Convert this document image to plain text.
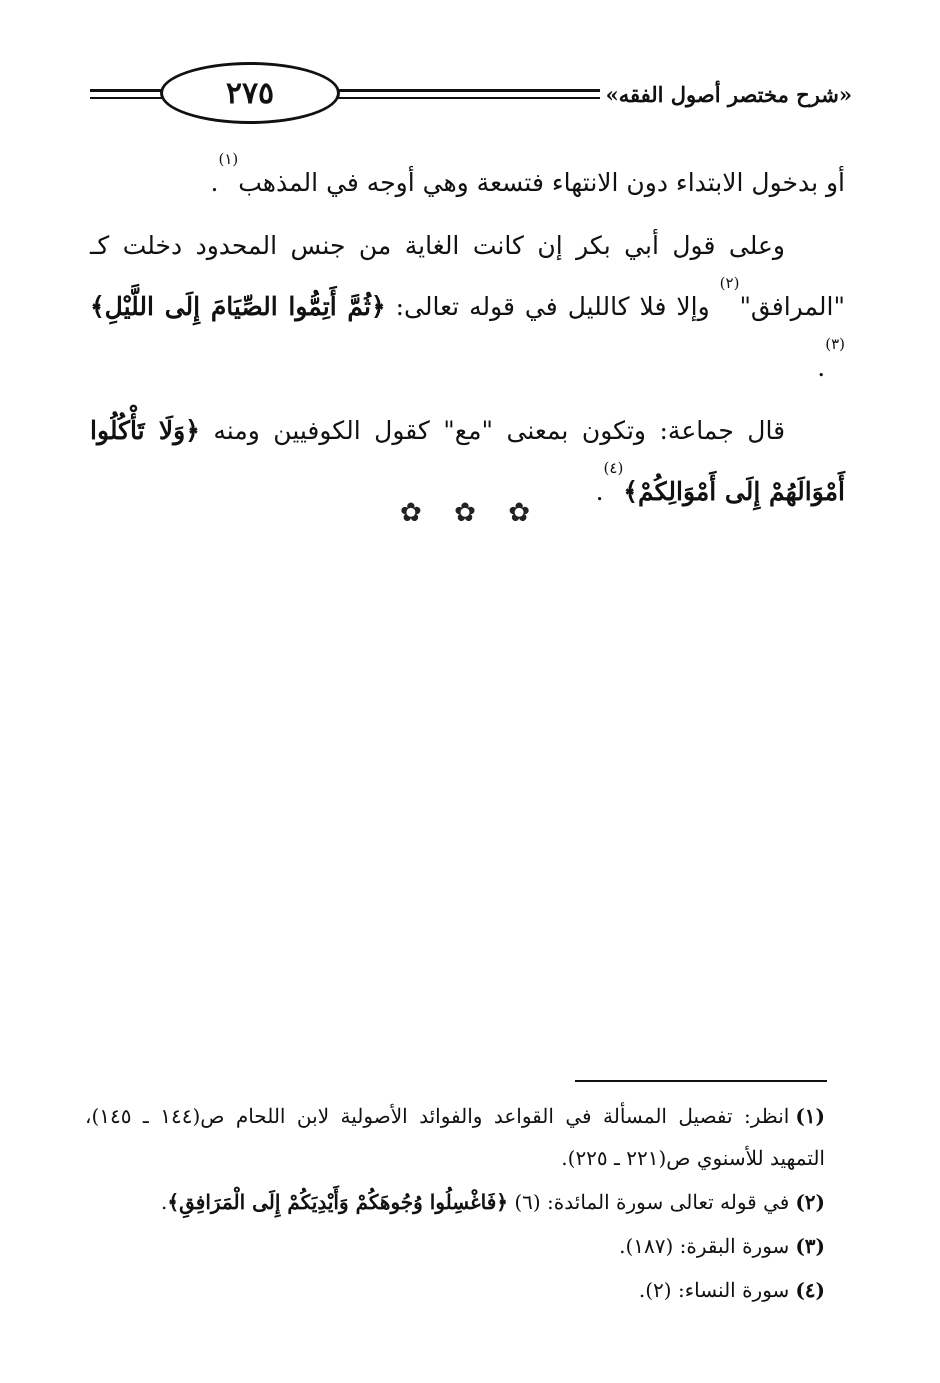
٢٧٥	«شرح مختصر أصول الفقه»

أو بدخول الابتداء دون الانتهاء فتسعة وهي أوجه في المذهب$^{(١)}$.

وعلى قول أبي بكر إن كانت الغاية من جنس المحدود دخلت كـ "المرافق"$^{(٢)}$ وإلا فلا كالليل في قوله تعالى: ﴿ثُمَّ أَتِمُّوا الصِّيَامَ إِلَى اللَّيْلِ﴾$^{(٣)}$.

قال جماعة: وتكون بمعنى "مع" كقول الكوفيين ومنه ﴿وَلَا تَأْكُلُوا أَمْوَالَهُمْ إِلَى أَمْوَالِكُمْ﴾$^{(٤)}$.

✿ ✿ ✿
(١)انظر: تفصيل المسألة في القواعد والفوائد الأصولية لابن اللحام ص(١٤٤ ـ ١٤٥)، التمهيد للأسنوي ص(٢٢١ ـ ٢٢٥).
(٢)في قوله تعالى سورة المائدة: (٦) ﴿فَاغْسِلُوا وُجُوهَكُمْ وَأَيْدِيَكُمْ إِلَى الْمَرَافِقِ﴾.
(٣)سورة البقرة: (١٨٧).
(٤)سورة النساء: (٢).
